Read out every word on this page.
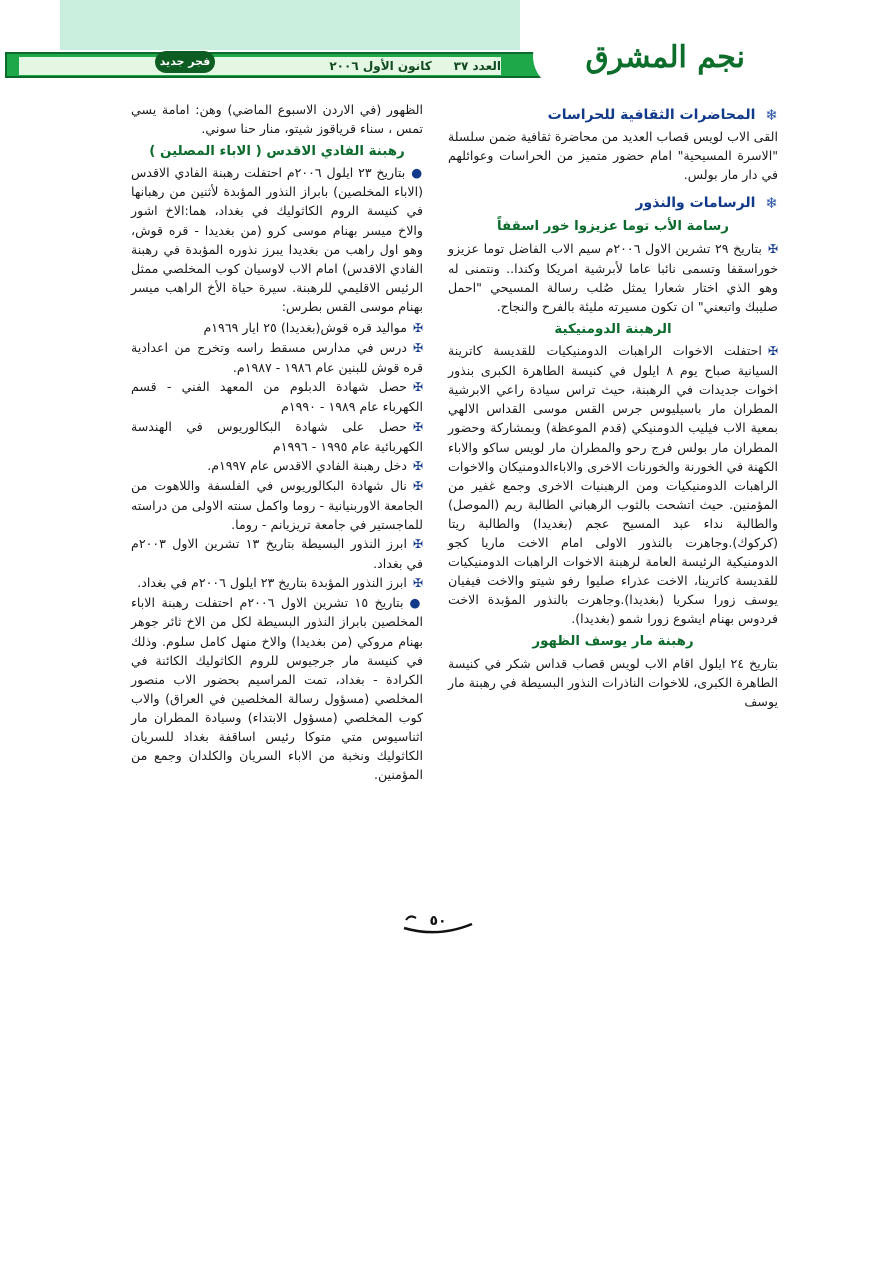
العدد ٣٧
كانون الأول ٢٠٠٦
فجر جديد	نجم المشرق
❄
المحاضرات الثقافية للحراسات

القى الاب لويس قصاب العديد من محاضرة ثقافية ضمن سلسلة "الاسرة المسيحية" امام حضور متميز من الحراسات وعوائلهم في دار مار بولس.

❄
الرسامات والنذور
رسامة الأب توما عزيزوا خور اسقفاً

✠بتاريخ ٢٩ تشرين الاول ٢٠٠٦م سيم الاب الفاضل توما عزيزو خوراسقفا وتسمى نائبا عاما لأبرشية امريكا وكندا.. ونتمنى له وهو الذي اختار شعارا يمثل صُلب رسالة المسيحي "احمل صليبك واتبعني" ان تكون مسيرته مليئة بالفرح والنجاح.

الرهبنة الدومنيكية

✠احتفلت الاخوات الراهبات الدومنيكيات للقديسة كاترينة السيانية صباح يوم ٨ ايلول في كنيسة الطاهرة الكبرى بنذور اخوات جديدات في الرهبنة، حيث تراس سيادة راعي الابرشية المطران مار باسيليوس جرس القس موسى القداس الالهي بمعية الاب فيليب الدومنيكي (قدم الموعظة) وبمشاركة وحضور المطران مار بولس فرج رحو والمطران مار لويس ساكو والاباء الكهنة في الخورنة والخورنات الاخرى والاباءالدومنيكان والاخوات الراهبات الدومنيكيات ومن الرهبنيات الاخرى وجمع غفير من المؤمنين. حيث اتشحت بالثوب الرهباني الطالبة ريم (الموصل) والطالبة نداء عبد المسيح عجم (بغديدا) والطالبة ريتا (كركوك).وجاهرت بالنذور الاولى امام الاخت ماريا كجو الدومنيكية الرئيسة العامة لرهبنة الاخوات الراهبات الدومنيكيات للقديسة كاترينا، الاخت عذراء صليوا رفو شيتو والاخت فيفيان يوسف زورا سكريا (بغديدا).وجاهرت بالنذور المؤبدة الاخت فردوس بهنام ايشوع زورا شمو (بغديدا).

رهبنة مار يوسف الظهور

بتاريخ ٢٤ ايلول اقام الاب لويس قصاب قداس شكر في كنيسة الطاهرة الكبرى، للاخوات الناذرات النذور البسيطة في رهبنة مار يوسف

الظهور (في الاردن الاسبوع الماضي) وهن: امامة يسي تمس ، سناء قرياقوز شيتو، منار حنا سوني.

رهبنة الفادي الاقدس ( الاباء المصلين )

●بتاريخ ٢٣ ايلول ٢٠٠٦م احتفلت رهبنة الفادي الاقدس (الاباء المخلصين) بابراز النذور المؤبدة لأثنين من رهبانها في كنيسة الروم الكاثوليك في بغداد، هما:الاخ اشور والاخ ميسر بهنام موسى كرو (من بغديدا - قره قوش، وهو اول راهب من بغديدا يبرز نذوره المؤبدة في رهبنة الفادي الاقدس) امام الاب لاوسيان كوب المخلصي ممثل الرئيس الاقليمي للرهبنة. سيرة حياة الأخ الراهب ميسر بهنام موسى القس بطرس:

✠مواليد قره قوش(بغديدا) ٢٥ ايار ١٩٦٩م
✠درس في مدارس مسقط راسه وتخرج من اعدادية قره قوش للبنين عام ١٩٨٦ - ١٩٨٧م.
✠حصل شهادة الدبلوم من المعهد الفني - قسم الكهرباء عام ١٩٨٩ - ١٩٩٠م
✠حصل على شهادة البكالوريوس في الهندسة الكهربائية عام ١٩٩٥ - ١٩٩٦م
✠دخل رهبنة الفادي الاقدس عام ١٩٩٧م.
✠نال شهادة البكالوريوس في الفلسفة واللاهوت من الجامعة الاوربنيانية - روما واكمل سنته الاولى من دراسته للماجستير في جامعة تريزيانم - روما.
✠ابرز النذور البسيطة بتاريخ ١٣ تشرين الاول ٢٠٠٣م في بغداد.
✠ابرز النذور المؤبدة بتاريخ ٢٣ ايلول ٢٠٠٦م في بغداد.

●بتاريخ ١٥ تشرين الاول ٢٠٠٦م احتفلت رهبنة الاباء المخلصين بابراز النذور البسيطة لكل من الاخ ثائر جوهر بهنام مروكي (من بغديدا) والاخ منهل كامل سلوم. وذلك في كنيسة مار جرجيوس للروم الكاثوليك الكائنة في الكرادة - بغداد، تمت المراسيم بحضور الاب منصور المخلصي (مسؤول رسالة المخلصين في العراق) والاب كوب المخلصي (مسؤول الابتداء) وسيادة المطران مار اثناسيوس متي متوكا رئيس اساقفة بغداد للسريان الكاثوليك ونخبة من الاباء السريان والكلدان وجمع من المؤمنين.

٥٠
